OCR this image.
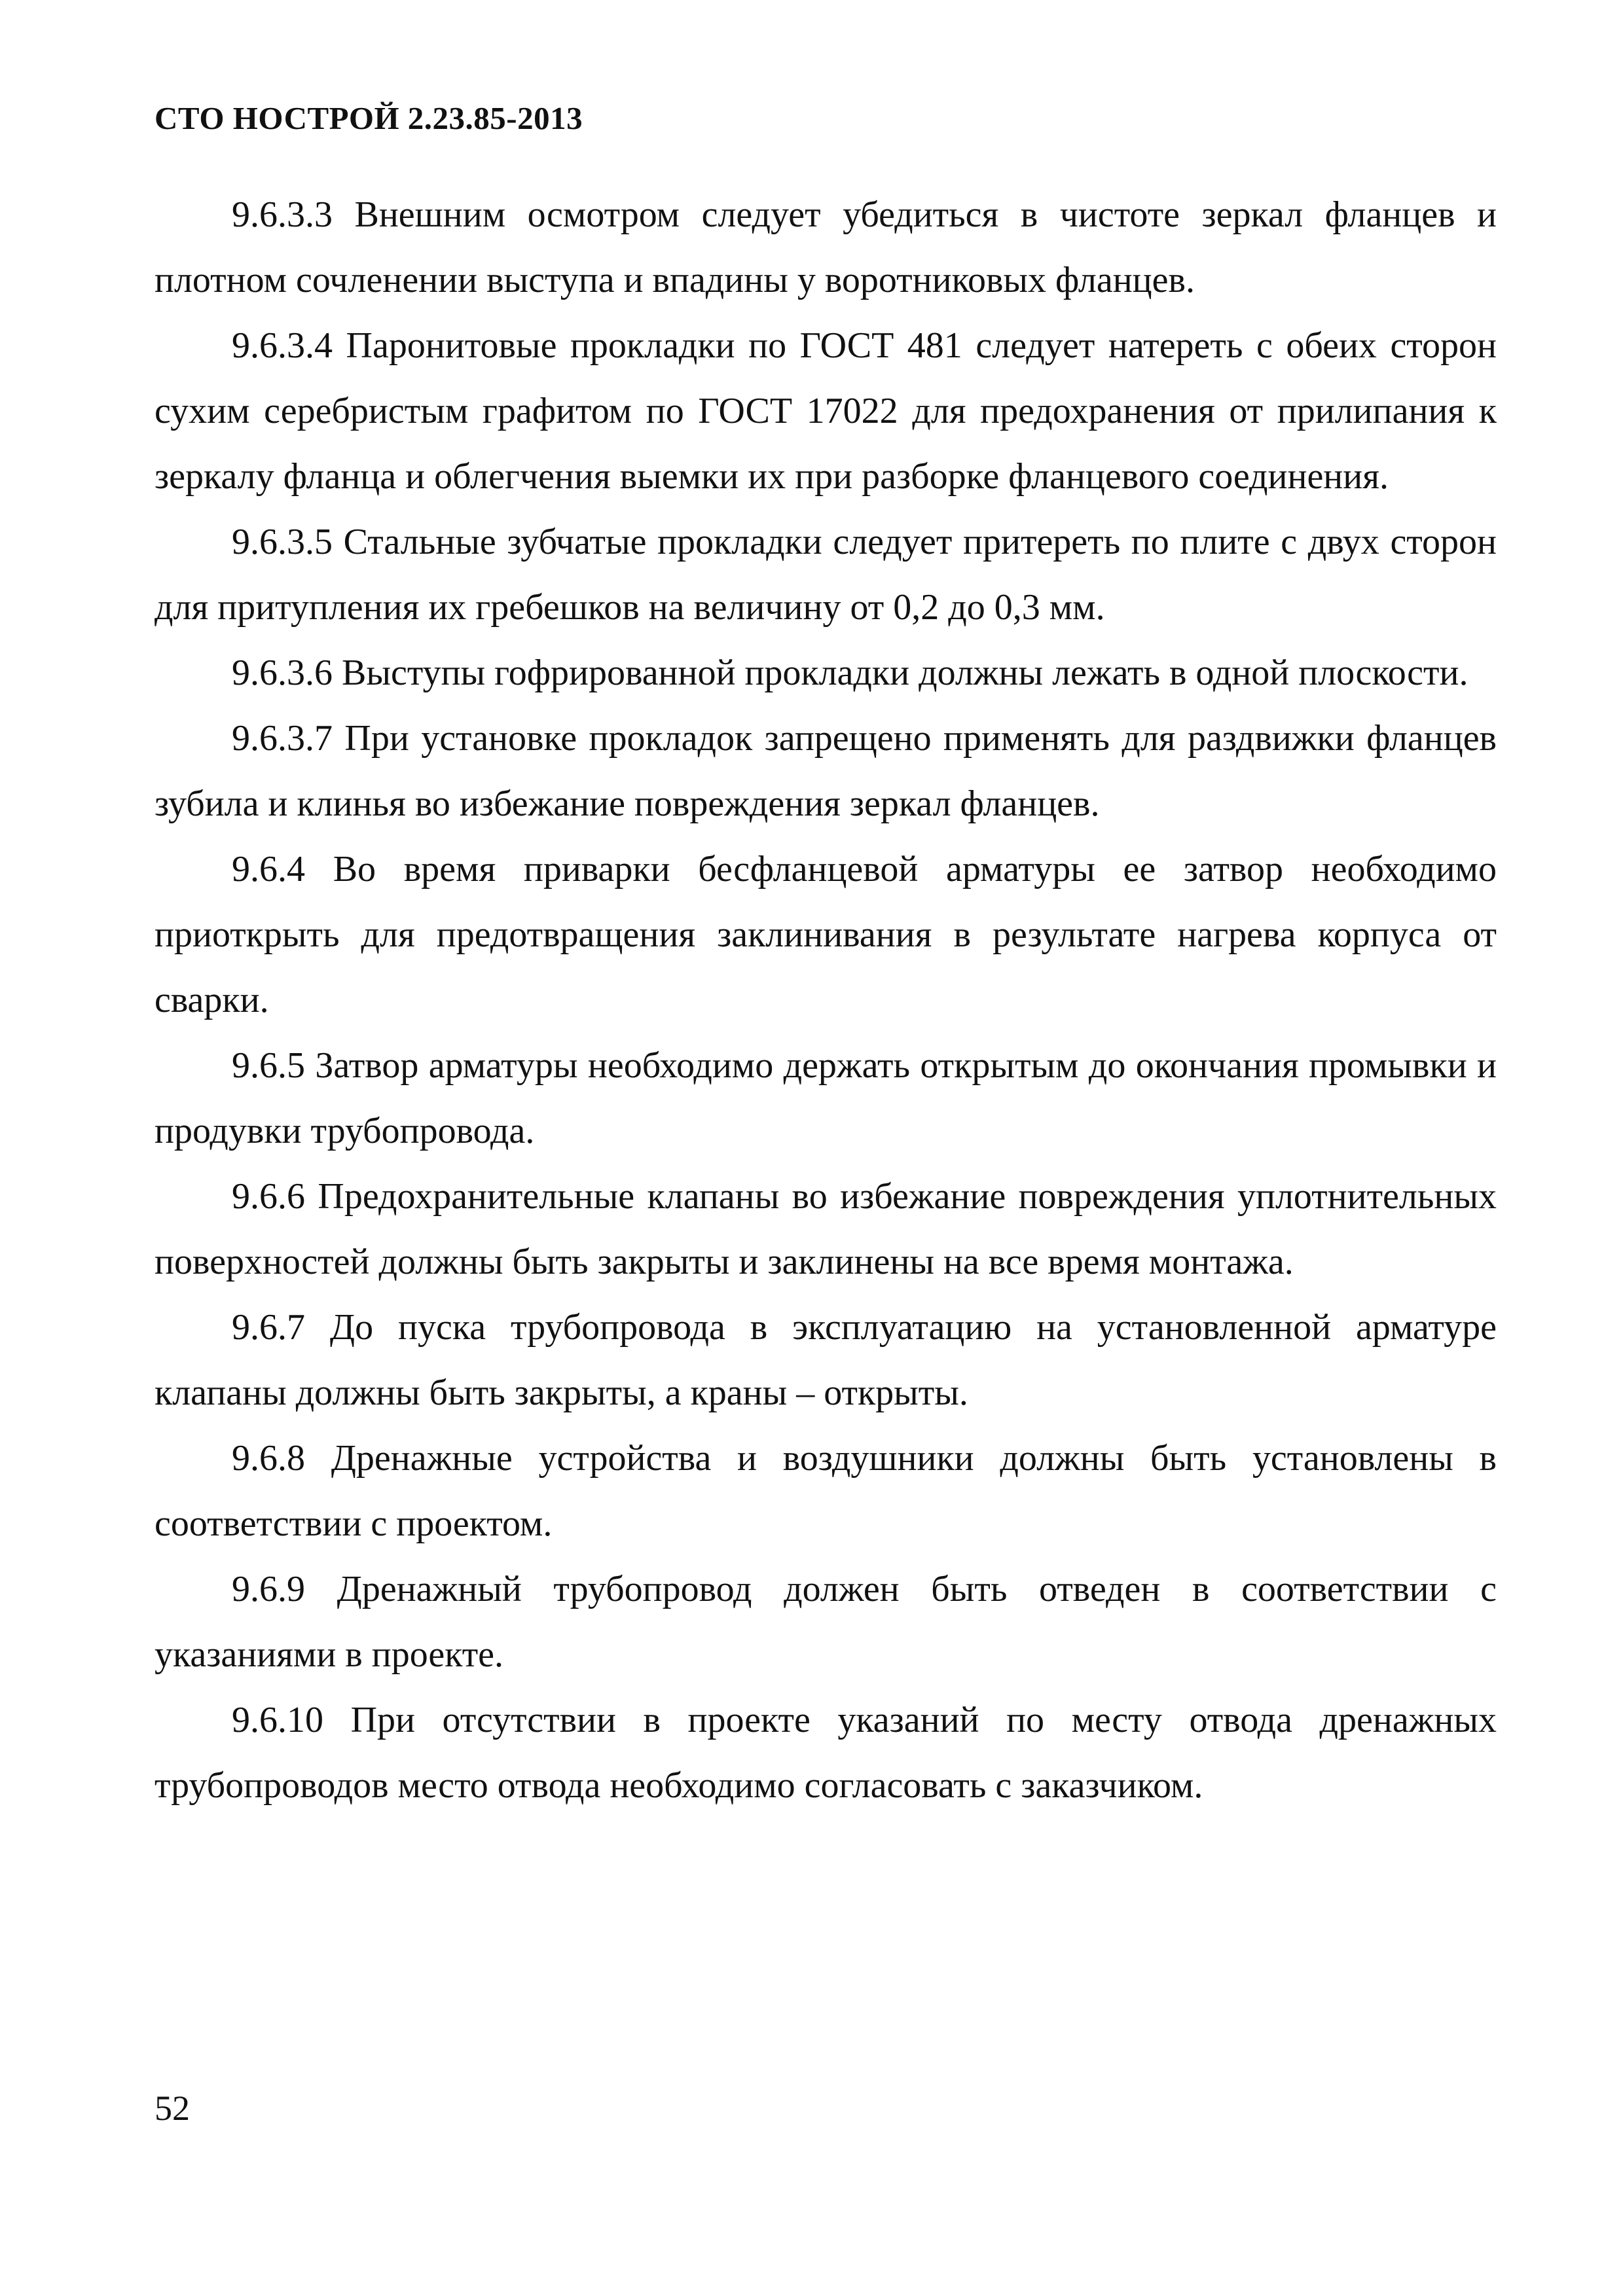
СТО НОСТРОЙ 2.23.85-2013

9.6.3.3 Внешним осмотром следует убедиться в чистоте зеркал фланцев и плотном сочленении выступа и впадины у воротниковых фланцев.

9.6.3.4 Паронитовые прокладки по ГОСТ 481 следует натереть с обеих сторон сухим серебристым графитом по ГОСТ 17022 для предохранения от прилипания к зеркалу фланца и облегчения выемки их при разборке фланцевого соединения.

9.6.3.5 Стальные зубчатые прокладки следует притереть по плите с двух сторон для притупления их гребешков на величину от 0,2 до 0,3 мм.

9.6.3.6 Выступы гофрированной прокладки должны лежать в одной плоскости.

9.6.3.7 При установке прокладок запрещено применять для раздвижки фланцев зубила и клинья во избежание повреждения зеркал фланцев.

9.6.4 Во время приварки бесфланцевой арматуры ее затвор необходимо приоткрыть для предотвращения заклинивания в результате нагрева корпуса от сварки.

9.6.5 Затвор арматуры необходимо держать открытым до окончания промывки и продувки трубопровода.

9.6.6 Предохранительные клапаны во избежание повреждения уплотнительных поверхностей должны быть закрыты и заклинены на все время монтажа.

9.6.7 До пуска трубопровода в эксплуатацию на установленной арматуре клапаны должны быть закрыты, а краны – открыты.

9.6.8 Дренажные устройства и воздушники должны быть установлены в соответствии с проектом.

9.6.9 Дренажный трубопровод должен быть отведен в соответствии с указаниями в проекте.

9.6.10 При отсутствии в проекте указаний по месту отвода дренажных трубопроводов место отвода необходимо согласовать с заказчиком.

52
